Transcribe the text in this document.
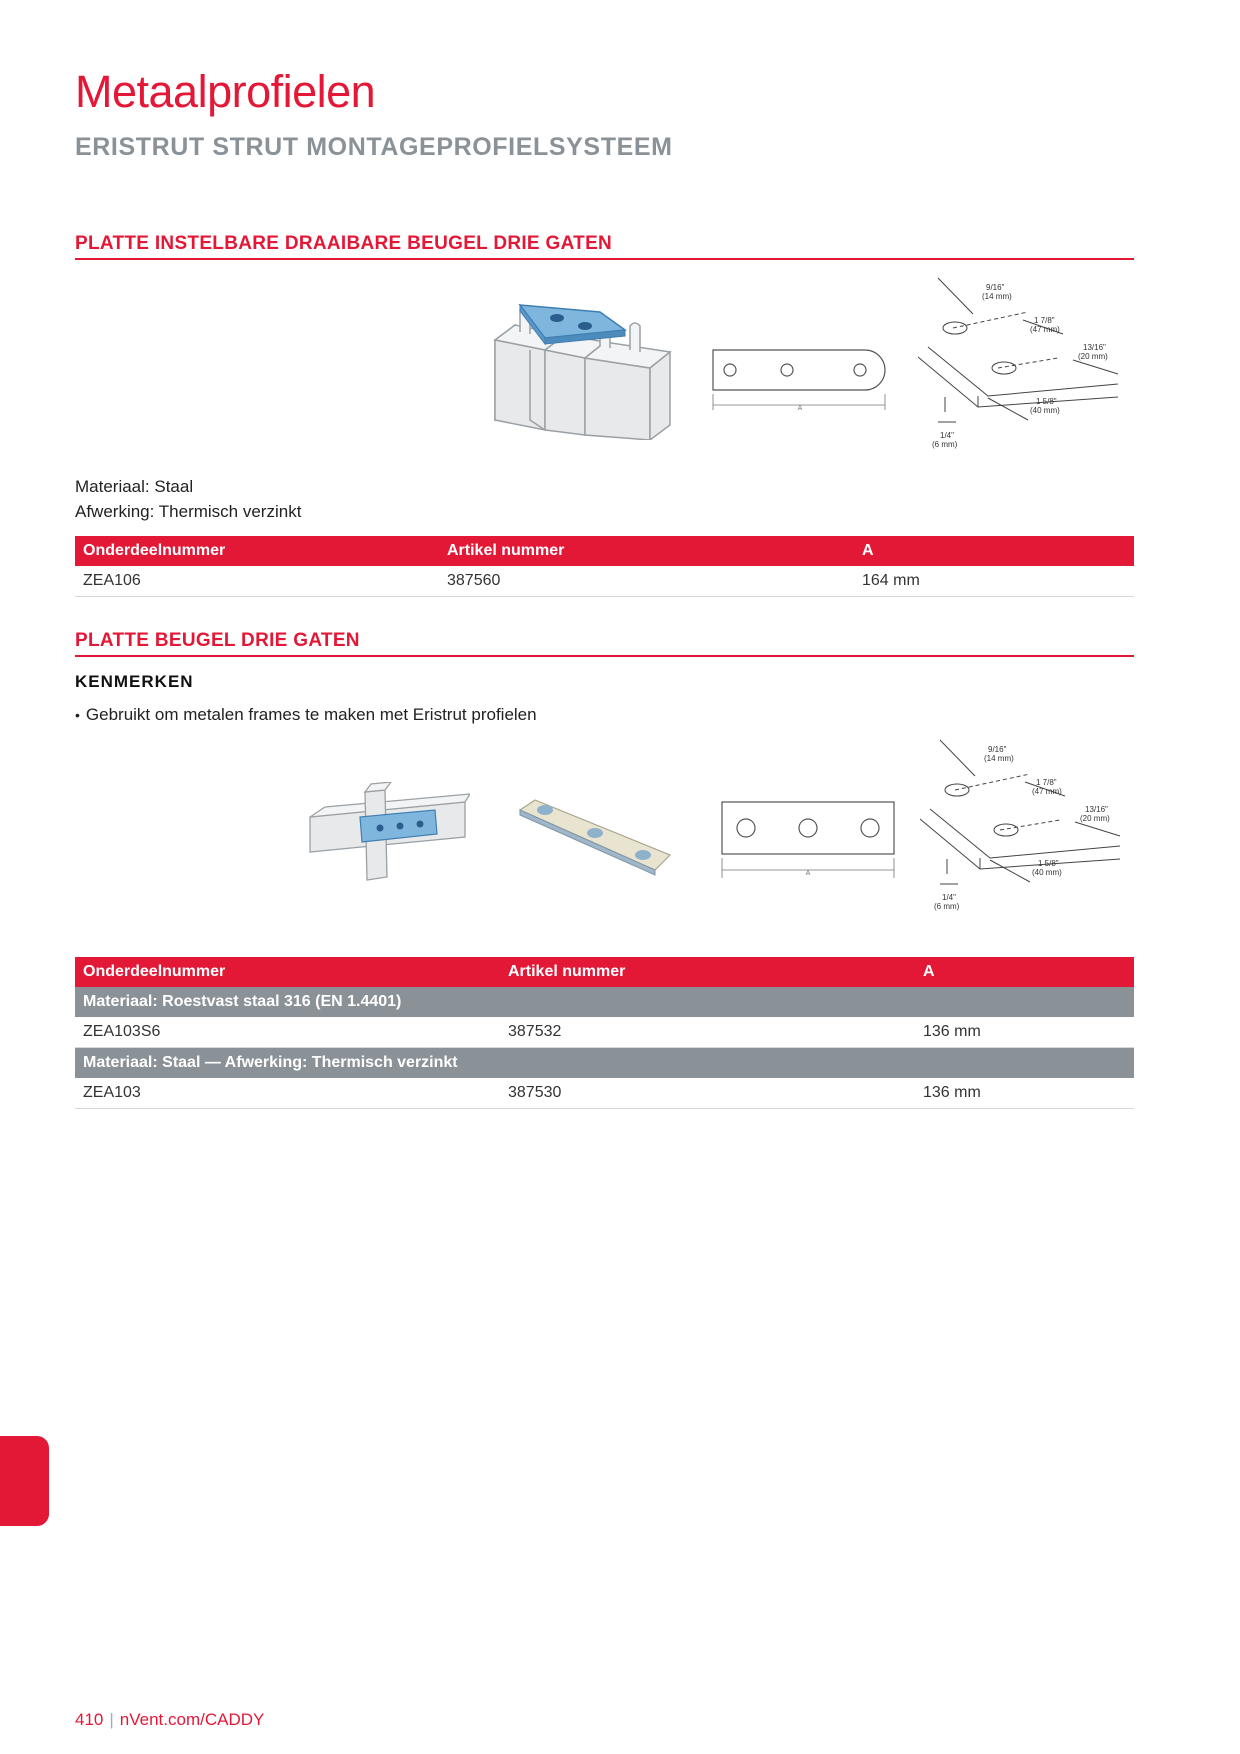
Metaalprofielen
ERISTRUT STRUT MONTAGEPROFIELSYSTEEM
PLATTE INSTELBARE DRAAIBARE BEUGEL DRIE GATEN
A
9/16"
(14 mm)
1 7/8"
(47 mm)
13/16"
(20 mm)
1 5/8"
(40 mm)
1/4"
(6 mm)
Materiaal: Staal
Afwerking: Thermisch verzinkt
Onderdeelnummer	Artikel nummer	A
ZEA106	387560	164 mm
PLATTE BEUGEL DRIE GATEN
KENMERKEN
• Gebruikt om metalen frames te maken met Eristrut profielen
A
9/16"
(14 mm)
1 7/8"
(47 mm)
13/16"
(20 mm)
1 5/8"
(40 mm)
1/4"
(6 mm)
Onderdeelnummer	Artikel nummer	A
Materiaal: Roestvast staal 316 (EN 1.4401)		
ZEA103S6	387532	136 mm
Materiaal: Staal — Afwerking: Thermisch verzinkt		
ZEA103	387530	136 mm
410 | nVent.com/CADDY
